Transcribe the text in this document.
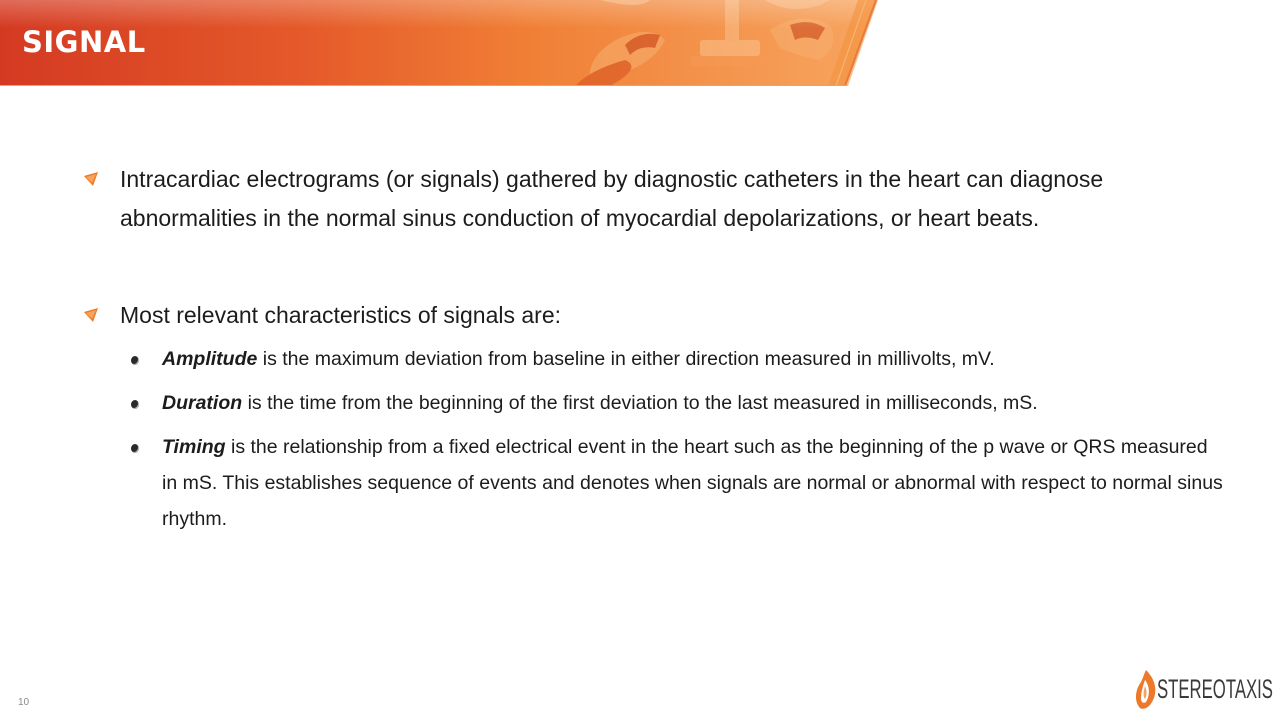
SIGNAL
Intracardiac electrograms (or signals) gathered by diagnostic catheters in the heart can diagnose abnormalities in the normal sinus conduction of myocardial depolarizations, or heart beats.
Most relevant characteristics of signals are:
Amplitude is the maximum deviation from baseline in either direction measured in millivolts, mV.
Duration is the time from the beginning of the first deviation to the last measured in milliseconds, mS.
Timing is the relationship from a fixed electrical event in the heart such as the beginning of the p wave or QRS measured in mS. This establishes sequence of events and denotes when signals are normal or abnormal with respect to normal sinus rhythm.
10	STEREOTAXIS
